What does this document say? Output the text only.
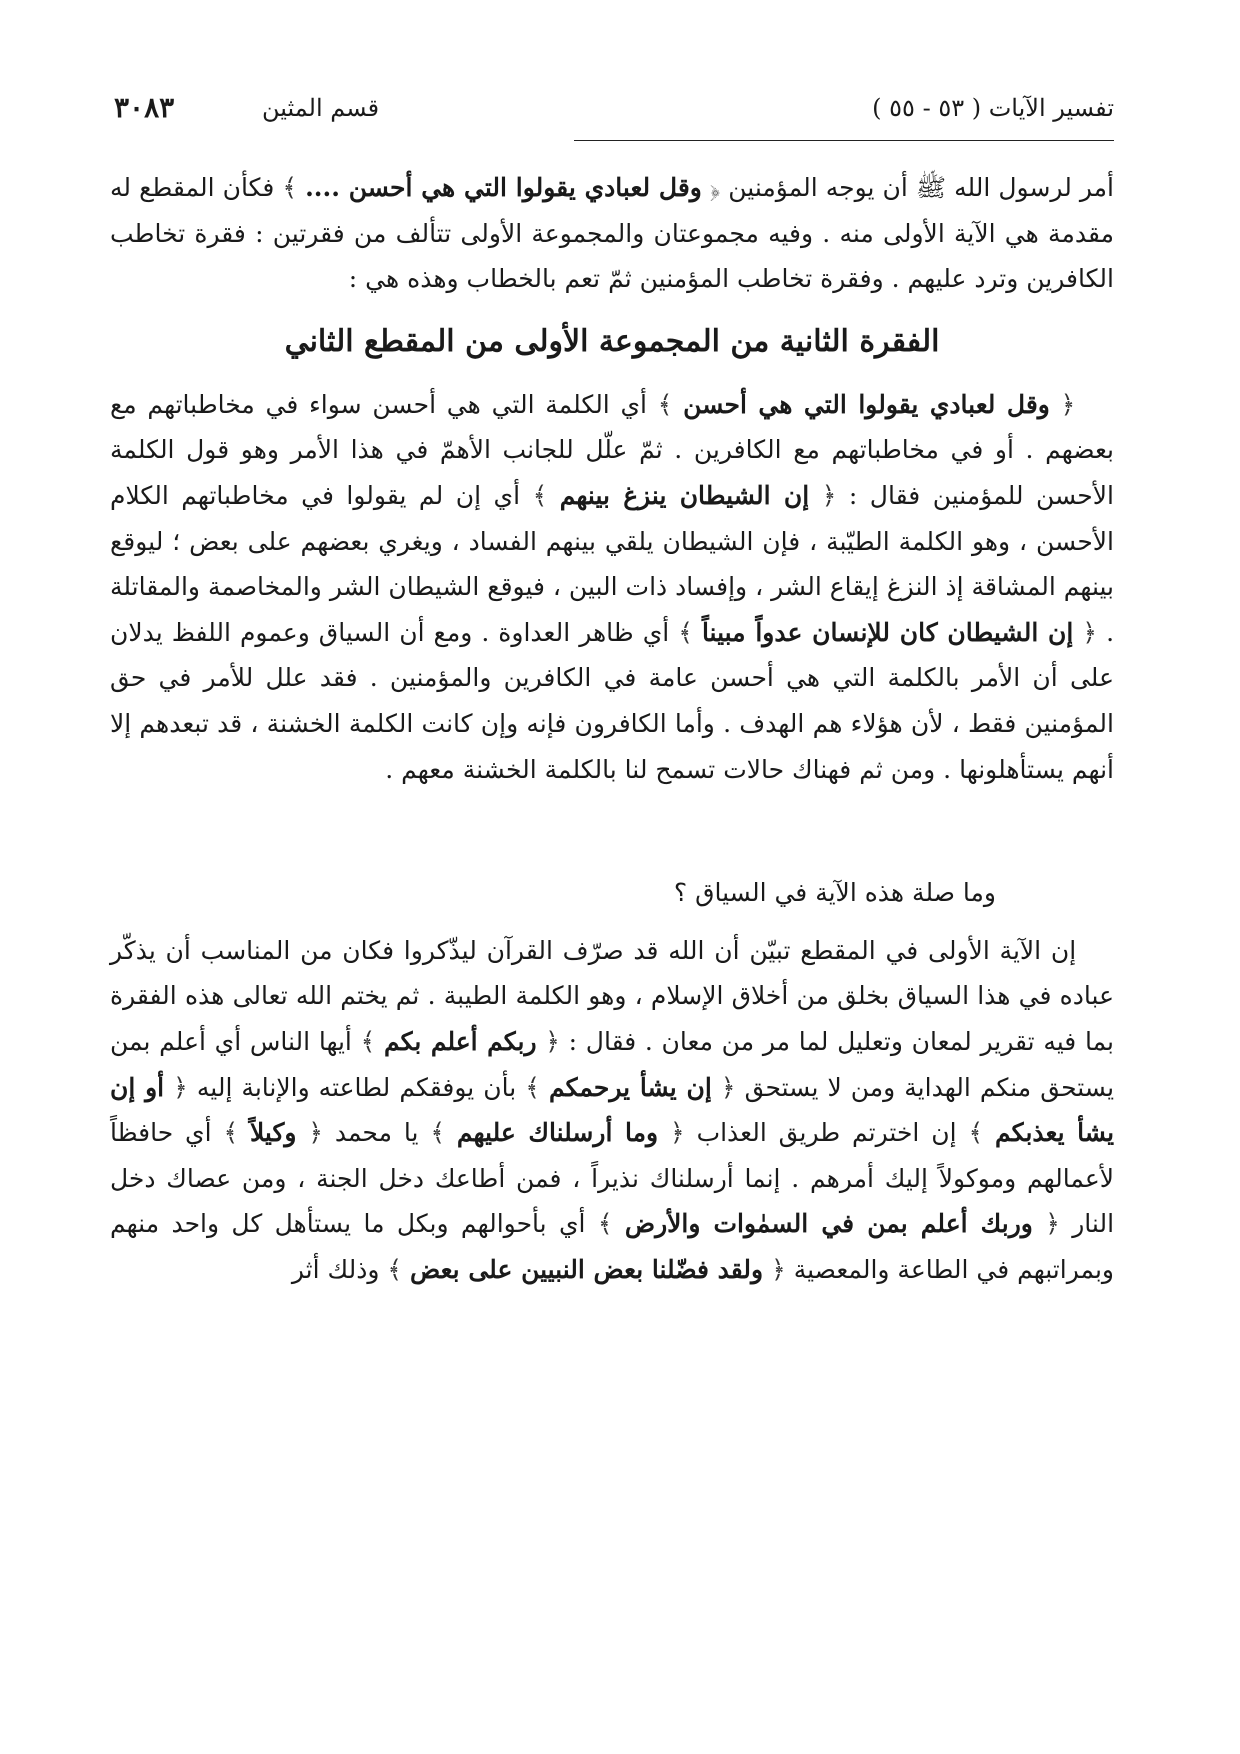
تفسير الآيات ( ٥٣ - ٥٥ )
قسم المثين
٣٠٨٣

أمر لرسول الله ﷺ أن يوجه المؤمنين ﴿ وقل لعبادي يقولوا التي هي أحسن .... ﴾ فكأن المقطع له مقدمة هي الآية الأولى منه . وفيه مجموعتان والمجموعة الأولى تتألف من فقرتين : فقرة تخاطب الكافرين وترد عليهم . وفقرة تخاطب المؤمنين ثمّ تعم بالخطاب وهذه هي :

الفقرة الثانية من المجموعة الأولى من المقطع الثاني

﴿ وقل لعبادي يقولوا التي هي أحسن ﴾ أي الكلمة التي هي أحسن سواء في مخاطباتهم مع بعضهم . أو في مخاطباتهم مع الكافرين . ثمّ علّل للجانب الأهمّ في هذا الأمر وهو قول الكلمة الأحسن للمؤمنين فقال : ﴿ إن الشيطان ينزغ بينهم ﴾ أي إن لم يقولوا في مخاطباتهم الكلام الأحسن ، وهو الكلمة الطيّبة ، فإن الشيطان يلقي بينهم الفساد ، ويغري بعضهم على بعض ؛ ليوقع بينهم المشاقة إذ النزغ إيقاع الشر ، وإفساد ذات البين ، فيوقع الشيطان الشر والمخاصمة والمقاتلة . ﴿ إن الشيطان كان للإنسان عدواً مبيناً ﴾ أي ظاهر العداوة . ومع أن السياق وعموم اللفظ يدلان على أن الأمر بالكلمة التي هي أحسن عامة في الكافرين والمؤمنين . فقد علل للأمر في حق المؤمنين فقط ، لأن هؤلاء هم الهدف . وأما الكافرون فإنه وإن كانت الكلمة الخشنة ، قد تبعدهم إلا أنهم يستأهلونها . ومن ثم فهناك حالات تسمح لنا بالكلمة الخشنة معهم .

وما صلة هذه الآية في السياق ؟

إن الآية الأولى في المقطع تبيّن أن الله قد صرّف القرآن ليذّكروا فكان من المناسب أن يذكّر عباده في هذا السياق بخلق من أخلاق الإسلام ، وهو الكلمة الطيبة . ثم يختم الله تعالى هذه الفقرة بما فيه تقرير لمعان وتعليل لما مر من معان . فقال : ﴿ ربكم أعلم بكم ﴾ أيها الناس أي أعلم بمن يستحق منكم الهداية ومن لا يستحق ﴿ إن يشأ يرحمكم ﴾ بأن يوفقكم لطاعته والإنابة إليه ﴿ أو إن يشأ يعذبكم ﴾ إن اخترتم طريق العذاب ﴿ وما أرسلناك عليهم ﴾ يا محمد ﴿ وكيلاً ﴾ أي حافظاً لأعمالهم وموكولاً إليك أمرهم . إنما أرسلناك نذيراً ، فمن أطاعك دخل الجنة ، ومن عصاك دخل النار ﴿ وربك أعلم بمن في السمٰوات والأرض ﴾ أي بأحوالهم وبكل ما يستأهل كل واحد منهم وبمراتبهم في الطاعة والمعصية ﴿ ولقد فضّلنا بعض النبيين على بعض ﴾ وذلك أثر
